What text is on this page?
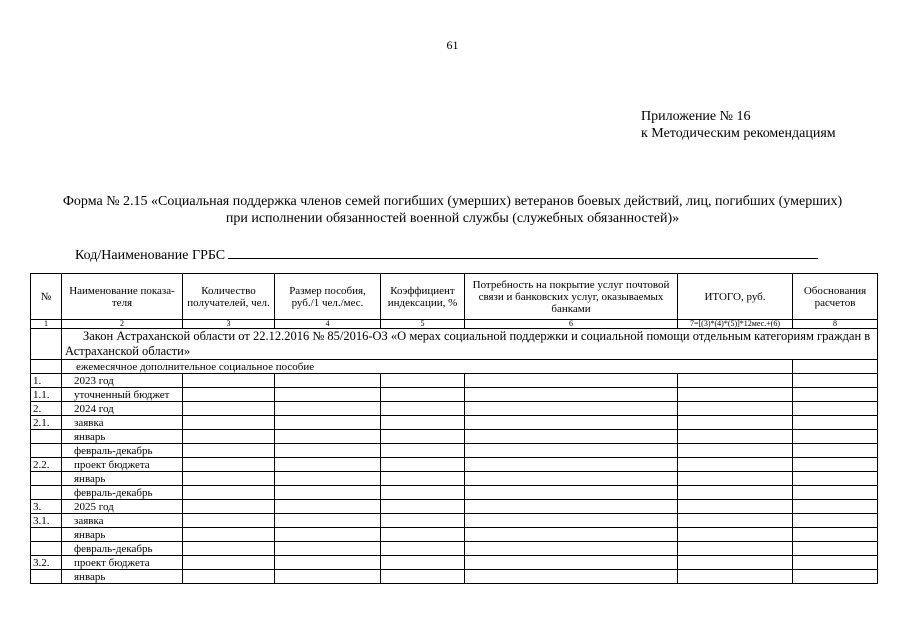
61
Приложение № 16
к Методическим рекомендациям
Форма № 2.15 «Социальная поддержка членов семей погибших (умерших) ветеранов боевых действий, лиц, погибших (умерших)
при исполнении обязанностей военной службы (служебных обязанностей)»
Код/Наименование ГРБС
№	Наименование показа-теля	Количество получателей, чел.	Размер пособия, руб./1 чел./мес.	Коэффициент индексации, %	Потребность на покрытие услуг почтовой связи и банковских услуг, оказываемых банками	ИТОГО, руб.	Обоснования расчетов
1	2	3	4	5	6	7=[(3)*(4)*(5)]*12мес.+(6)	8
	Закон Астраханской области от 22.12.2016 № 85/2016-ОЗ «О мерах социальной поддержки и социальной помощи отдельным категориям граждан в Астраханской области»						
	ежемесячное дополнительное социальное пособие						
1.	2023 год						
1.1.	уточненный бюджет						
2.	2024 год						
2.1.	заявка						
	январь						
	февраль-декабрь						
2.2.	проект бюджета						
	январь						
	февраль-декабрь						
3.	2025 год						
3.1.	заявка						
	январь						
	февраль-декабрь						
3.2.	проект бюджета						
	январь						
